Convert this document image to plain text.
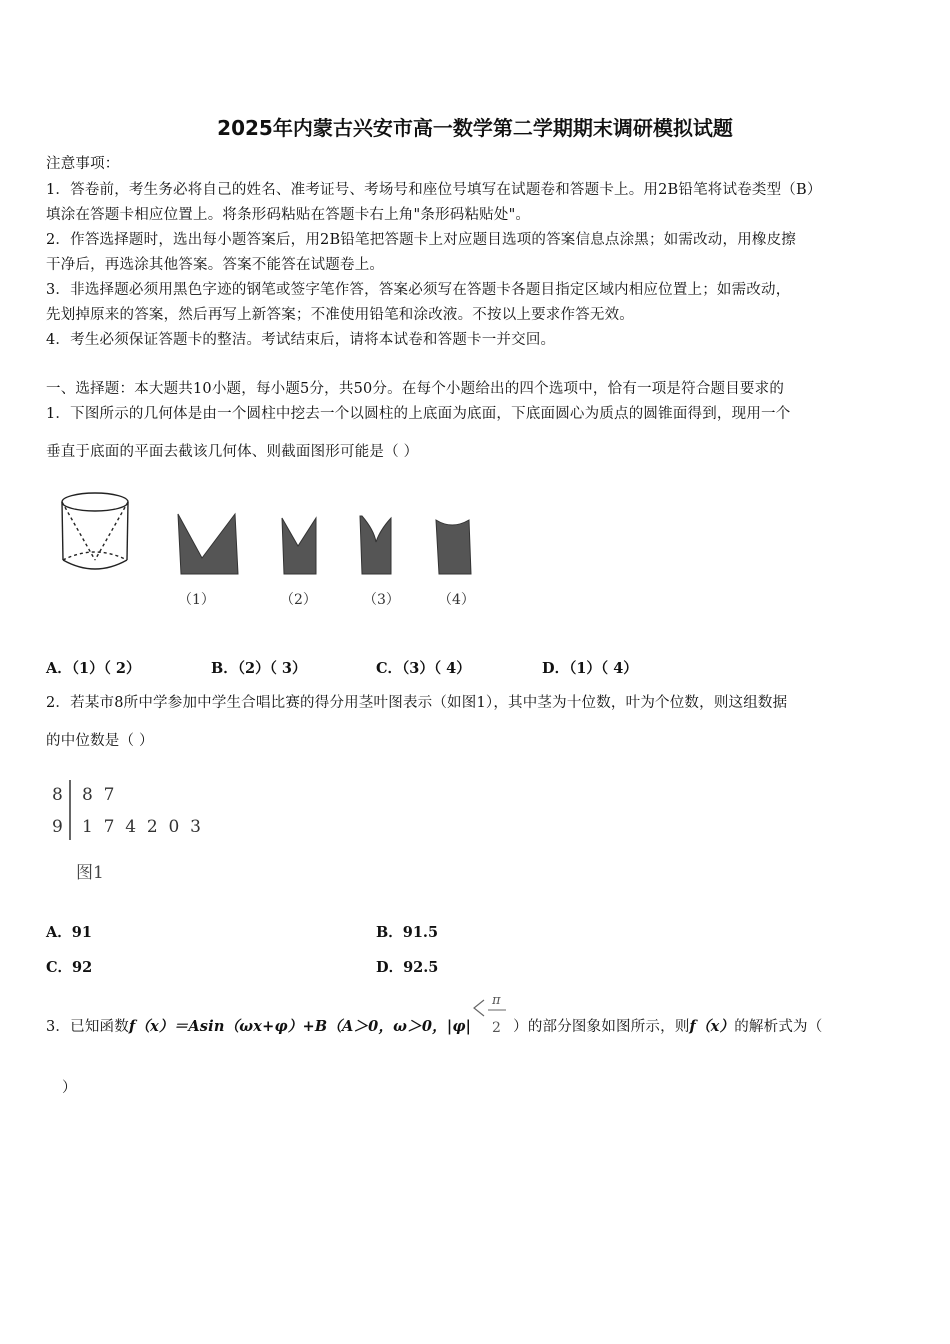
2025年内蒙古兴安市高一数学第二学期期末调研模拟试题
注意事项：
1．答卷前，考生务必将自己的姓名、准考证号、考场号和座位号填写在试题卷和答题卡上。用2B铅笔将试卷类型（B）
填涂在答题卡相应位置上。将条形码粘贴在答题卡右上角"条形码粘贴处"。
2．作答选择题时，选出每小题答案后，用2B铅笔把答题卡上对应题目选项的答案信息点涂黑；如需改动，用橡皮擦
干净后，再选涂其他答案。答案不能答在试题卷上。
3．非选择题必须用黑色字迹的钢笔或签字笔作答，答案必须写在答题卡各题目指定区域内相应位置上；如需改动，
先划掉原来的答案，然后再写上新答案；不准使用铅笔和涂改液。不按以上要求作答无效。
4．考生必须保证答题卡的整洁。考试结束后，请将本试卷和答题卡一并交回。
一、选择题：本大题共10小题，每小题5分，共50分。在每个小题给出的四个选项中，恰有一项是符合题目要求的
1．下图所示的几何体是由一个圆柱中挖去一个以圆柱的上底面为底面，下底面圆心为质点的圆锥面得到，现用一个
垂直于底面的平面去截该几何体、则截面图形可能是（ ）
（1）	（2）	（3）	（4）
A．（1）（ 2）	B．（2）（ 3）	C．（3）（ 4）	D．（1）（ 4）
2．若某市8所中学参加中学生合唱比赛的得分用茎叶图表示（如图1），其中茎为十位数，叶为个位数，则这组数据
的中位数是（ ）
8 8  7
9 1  7  4  2  0  3
图1
A．91	B．91.5
C．92	D．92.5
3．已知函数f（x）＝Asin（ωx+φ）+B（A＞0，ω＞0，|φ|	）的部分图象如图所示，则f（x）的解析式为（
π
2
）
